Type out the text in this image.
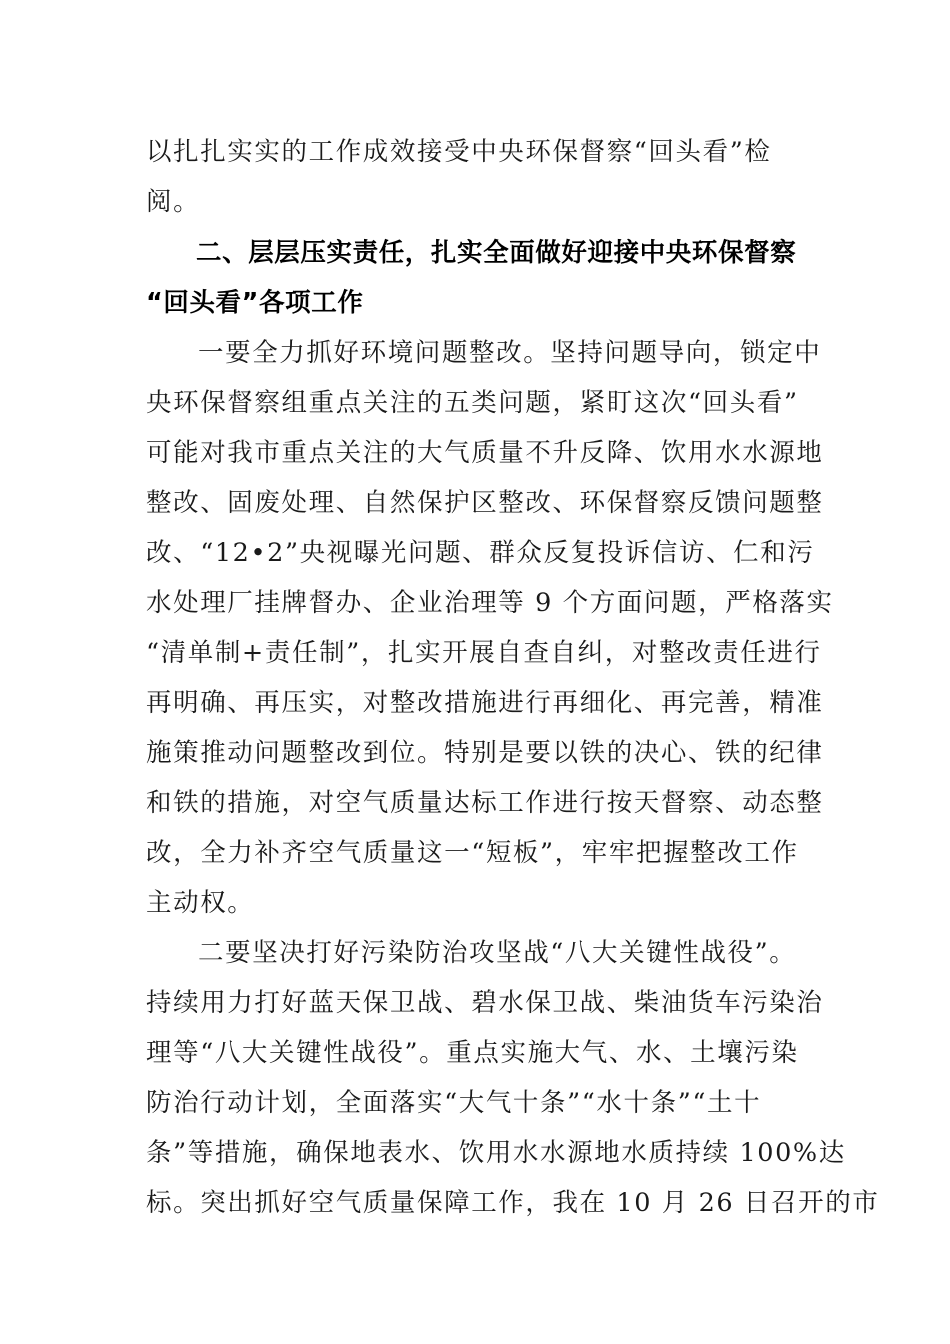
以扎扎实实的工作成效接受中央环保督察“回头看”检
阅。
二、层层压实责任，扎实全面做好迎接中央环保督察
“回头看”各项工作
一要全力抓好环境问题整改。坚持问题导向，锁定中
央环保督察组重点关注的五类问题，紧盯这次“回头看”
可能对我市重点关注的大气质量不升反降、饮用水水源地
整改、固废处理、自然保护区整改、环保督察反馈问题整
改、“12•2”央视曝光问题、群众反复投诉信访、仁和污
水处理厂挂牌督办、企业治理等 9 个方面问题，严格落实
“清单制+责任制”，扎实开展自查自纠，对整改责任进行
再明确、再压实，对整改措施进行再细化、再完善，精准
施策推动问题整改到位。特别是要以铁的决心、铁的纪律
和铁的措施，对空气质量达标工作进行按天督察、动态整
改，全力补齐空气质量这一“短板”，牢牢把握整改工作
主动权。
二要坚决打好污染防治攻坚战“八大关键性战役”。
持续用力打好蓝天保卫战、碧水保卫战、柴油货车污染治
理等“八大关键性战役”。重点实施大气、水、土壤污染
防治行动计划，全面落实“大气十条”“水十条”“土十
条”等措施，确保地表水、饮用水水源地水质持续 100%达
标。突出抓好空气质量保障工作，我在 10 月 26 日召开的市
